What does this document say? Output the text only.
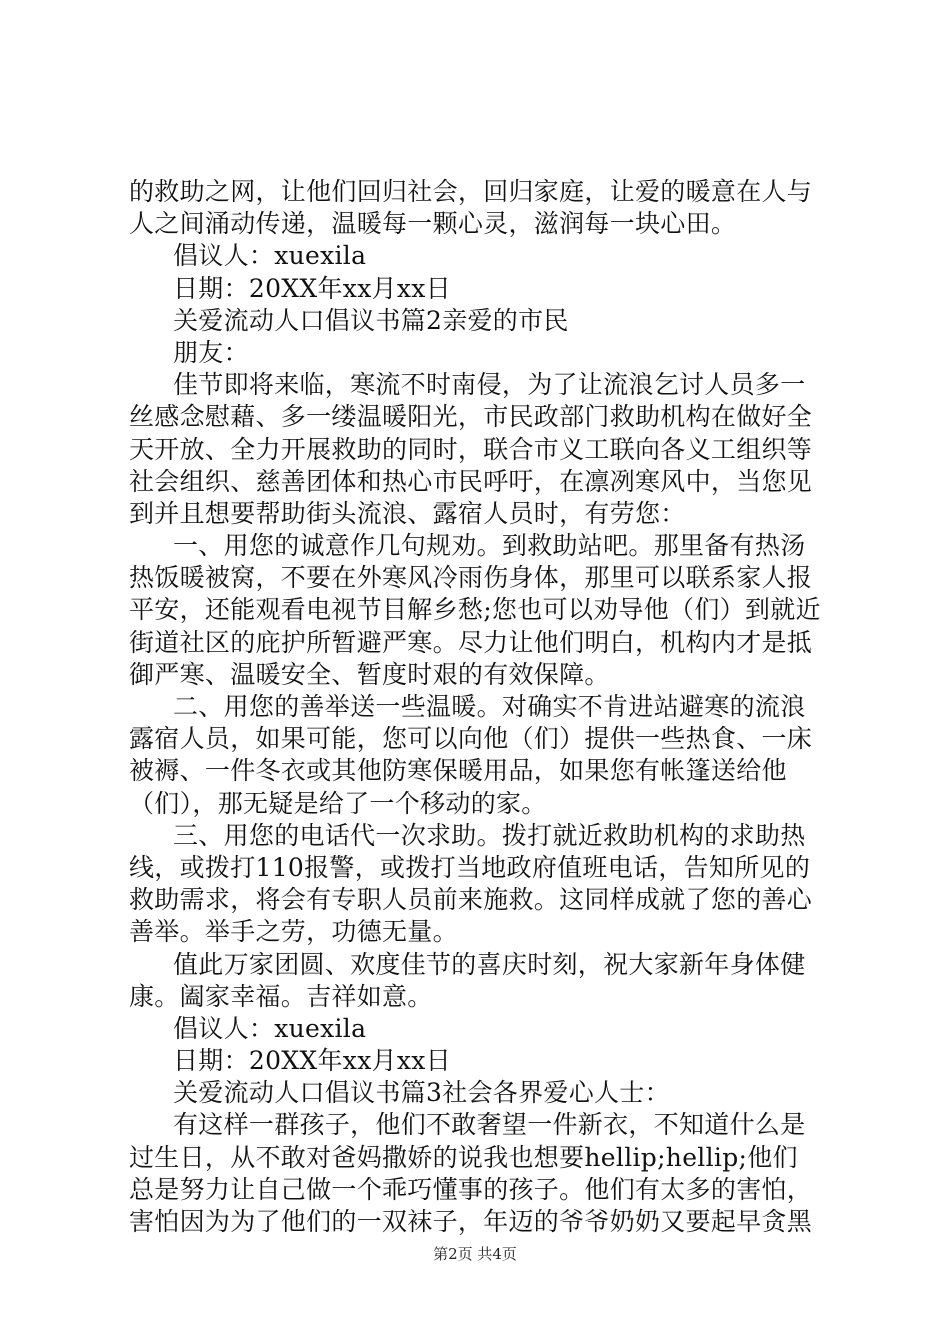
的救助之网，让他们回归社会，回归家庭，让爱的暖意在人与
人之间涌动传递，温暖每一颗心灵，滋润每一块心田。
倡议人：xuexila
日期：20XX年xx月xx日
关爱流动人口倡议书篇2亲爱的市民
朋友：
佳节即将来临，寒流不时南侵，为了让流浪乞讨人员多一
丝感念慰藉、多一缕温暖阳光，市民政部门救助机构在做好全
天开放、全力开展救助的同时，联合市义工联向各义工组织等
社会组织、慈善团体和热心市民呼吁，在凛冽寒风中，当您见
到并且想要帮助街头流浪、露宿人员时，有劳您：
一、用您的诚意作几句规劝。到救助站吧。那里备有热汤
热饭暖被窝，不要在外寒风冷雨伤身体，那里可以联系家人报
平安，还能观看电视节目解乡愁;您也可以劝导他（们）到就近
街道社区的庇护所暂避严寒。尽力让他们明白，机构内才是抵
御严寒、温暖安全、暂度时艰的有效保障。
二、用您的善举送一些温暖。对确实不肯进站避寒的流浪
露宿人员，如果可能，您可以向他（们）提供一些热食、一床
被褥、一件冬衣或其他防寒保暖用品，如果您有帐篷送给他
（们），那无疑是给了一个移动的家。
三、用您的电话代一次求助。拨打就近救助机构的求助热
线，或拨打110报警，或拨打当地政府值班电话，告知所见的
救助需求，将会有专职人员前来施救。这同样成就了您的善心
善举。举手之劳，功德无量。
值此万家团圆、欢度佳节的喜庆时刻，祝大家新年身体健
康。阖家幸福。吉祥如意。
倡议人：xuexila
日期：20XX年xx月xx日
关爱流动人口倡议书篇3社会各界爱心人士：
有这样一群孩子，他们不敢奢望一件新衣，不知道什么是
过生日，从不敢对爸妈撒娇的说我也想要hellip;hellip;他们
总是努力让自己做一个乖巧懂事的孩子。他们有太多的害怕，
害怕因为为了他们的一双袜子，年迈的爷爷奶奶又要起早贪黑
第2页 共4页
